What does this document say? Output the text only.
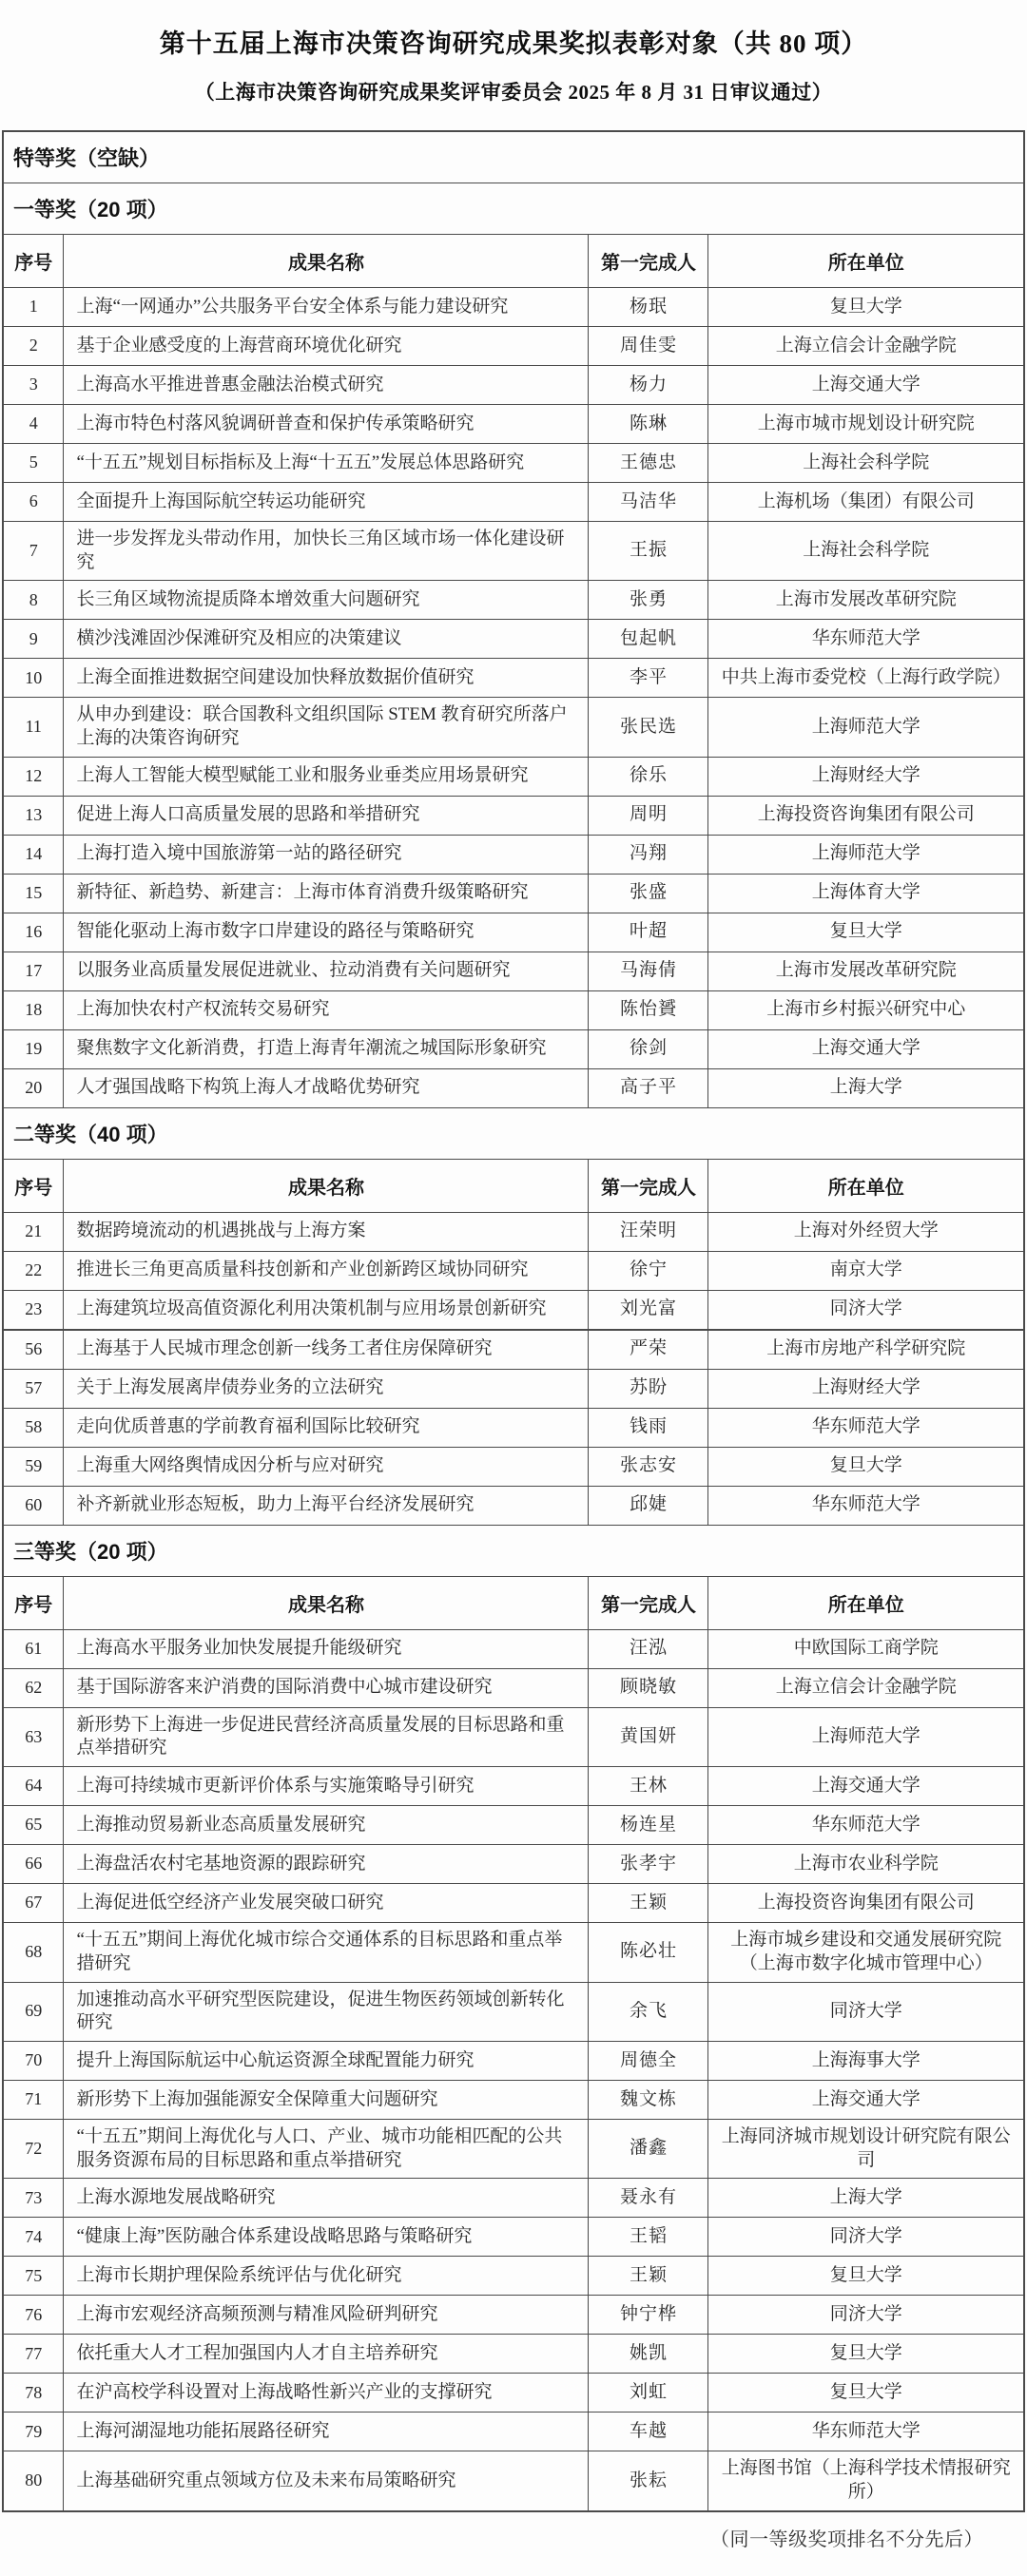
第十五届上海市决策咨询研究成果奖拟表彰对象（共 80 项）
（上海市决策咨询研究成果奖评审委员会 2025 年 8 月 31 日审议通过）
特等奖（空缺）			
一等奖（20 项）			
序号	成果名称	第一完成人	所在单位
1	上海“一网通办”公共服务平台安全体系与能力建设研究	杨珉	复旦大学
2	基于企业感受度的上海营商环境优化研究	周佳雯	上海立信会计金融学院
3	上海高水平推进普惠金融法治模式研究	杨力	上海交通大学
4	上海市特色村落风貌调研普查和保护传承策略研究	陈琳	上海市城市规划设计研究院
5	“十五五”规划目标指标及上海“十五五”发展总体思路研究	王德忠	上海社会科学院
6	全面提升上海国际航空转运功能研究	马洁华	上海机场（集团）有限公司
7	进一步发挥龙头带动作用，加快长三角区域市场一体化建设研究	王振	上海社会科学院
8	长三角区域物流提质降本增效重大问题研究	张勇	上海市发展改革研究院
9	横沙浅滩固沙保滩研究及相应的决策建议	包起帆	华东师范大学
10	上海全面推进数据空间建设加快释放数据价值研究	李平	中共上海市委党校（上海行政学院）
11	从申办到建设：联合国教科文组织国际 STEM 教育研究所落户上海的决策咨询研究	张民选	上海师范大学
12	上海人工智能大模型赋能工业和服务业垂类应用场景研究	徐乐	上海财经大学
13	促进上海人口高质量发展的思路和举措研究	周明	上海投资咨询集团有限公司
14	上海打造入境中国旅游第一站的路径研究	冯翔	上海师范大学
15	新特征、新趋势、新建言：上海市体育消费升级策略研究	张盛	上海体育大学
16	智能化驱动上海市数字口岸建设的路径与策略研究	叶超	复旦大学
17	以服务业高质量发展促进就业、拉动消费有关问题研究	马海倩	上海市发展改革研究院
18	上海加快农村产权流转交易研究	陈怡贇	上海市乡村振兴研究中心
19	聚焦数字文化新消费，打造上海青年潮流之城国际形象研究	徐剑	上海交通大学
20	人才强国战略下构筑上海人才战略优势研究	高子平	上海大学
二等奖（40 项）			
序号	成果名称	第一完成人	所在单位
21	数据跨境流动的机遇挑战与上海方案	汪荣明	上海对外经贸大学
22	推进长三角更高质量科技创新和产业创新跨区域协同研究	徐宁	南京大学
23	上海建筑垃圾高值资源化利用决策机制与应用场景创新研究	刘光富	同济大学
56	上海基于人民城市理念创新一线务工者住房保障研究	严荣	上海市房地产科学研究院
57	关于上海发展离岸债券业务的立法研究	苏盼	上海财经大学
58	走向优质普惠的学前教育福利国际比较研究	钱雨	华东师范大学
59	上海重大网络舆情成因分析与应对研究	张志安	复旦大学
60	补齐新就业形态短板，助力上海平台经济发展研究	邱婕	华东师范大学
三等奖（20 项）			
序号	成果名称	第一完成人	所在单位
61	上海高水平服务业加快发展提升能级研究	汪泓	中欧国际工商学院
62	基于国际游客来沪消费的国际消费中心城市建设研究	顾晓敏	上海立信会计金融学院
63	新形势下上海进一步促进民营经济高质量发展的目标思路和重点举措研究	黄国妍	上海师范大学
64	上海可持续城市更新评价体系与实施策略导引研究	王林	上海交通大学
65	上海推动贸易新业态高质量发展研究	杨连星	华东师范大学
66	上海盘活农村宅基地资源的跟踪研究	张孝宇	上海市农业科学院
67	上海促进低空经济产业发展突破口研究	王颖	上海投资咨询集团有限公司
68	“十五五”期间上海优化城市综合交通体系的目标思路和重点举措研究	陈必壮	上海市城乡建设和交通发展研究院（上海市数字化城市管理中心）
69	加速推动高水平研究型医院建设，促进生物医药领域创新转化研究	余飞	同济大学
70	提升上海国际航运中心航运资源全球配置能力研究	周德全	上海海事大学
71	新形势下上海加强能源安全保障重大问题研究	魏文栋	上海交通大学
72	“十五五”期间上海优化与人口、产业、城市功能相匹配的公共服务资源布局的目标思路和重点举措研究	潘鑫	上海同济城市规划设计研究院有限公司
73	上海水源地发展战略研究	聂永有	上海大学
74	“健康上海”医防融合体系建设战略思路与策略研究	王韬	同济大学
75	上海市长期护理保险系统评估与优化研究	王颖	复旦大学
76	上海市宏观经济高频预测与精准风险研判研究	钟宁桦	同济大学
77	依托重大人才工程加强国内人才自主培养研究	姚凯	复旦大学
78	在沪高校学科设置对上海战略性新兴产业的支撑研究	刘虹	复旦大学
79	上海河湖湿地功能拓展路径研究	车越	华东师范大学
80	上海基础研究重点领域方位及未来布局策略研究	张耘	上海图书馆（上海科学技术情报研究所）
（同一等级奖项排名不分先后）
